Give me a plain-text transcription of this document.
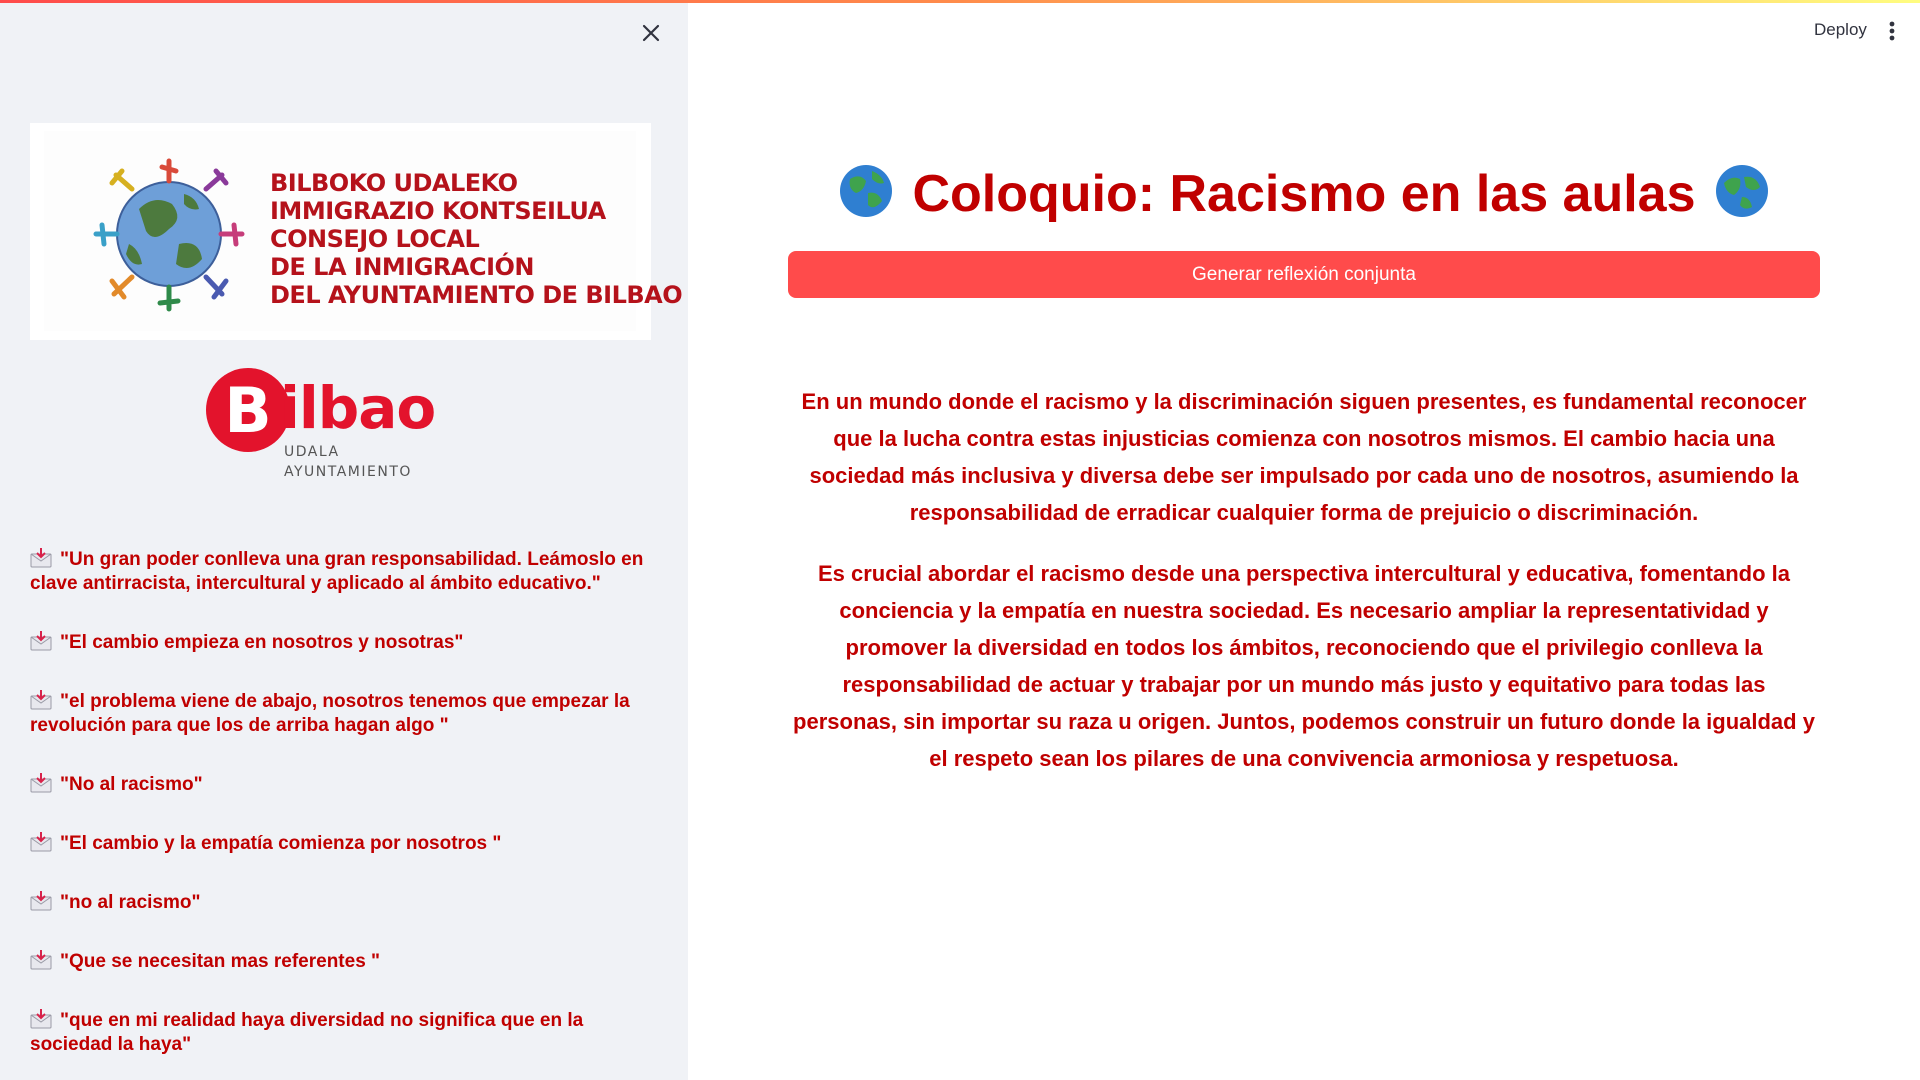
BILBOKO UDALEKO
IMMIGRAZIO KONTSEILUA
CONSEJO LOCAL
DE LA INMIGRACIÓN
DEL AYUNTAMIENTO DE BILBAO
B ilbao
UDALA
AYUNTAMIENTO
"Un gran poder conlleva una gran responsabilidad. Leámoslo en clave antirracista, intercultural y aplicado al ámbito educativo."
"El cambio empieza en nosotros y nosotras"
"el problema viene de abajo, nosotros tenemos que empezar la revolución para que los de arriba hagan algo "
"No al racismo"
"El cambio y la empatía comienza por nosotros "
"no al racismo"
"Que se necesitan mas referentes "
"que en mi realidad haya diversidad no significa que en la sociedad la haya"
Deploy
Coloquio: Racismo en las aulas
Generar reflexión conjunta

En un mundo donde el racismo y la discriminación siguen presentes, es fundamental reconocer que la lucha contra estas injusticias comienza con nosotros mismos. El cambio hacia una sociedad más inclusiva y diversa debe ser impulsado por cada uno de nosotros, asumiendo la responsabilidad de erradicar cualquier forma de prejuicio o discriminación.

Es crucial abordar el racismo desde una perspectiva intercultural y educativa, fomentando la conciencia y la empatía en nuestra sociedad. Es necesario ampliar la representatividad y promover la diversidad en todos los ámbitos, reconociendo que el privilegio conlleva la responsabilidad de actuar y trabajar por un mundo más justo y equitativo para todas las personas, sin importar su raza u origen. Juntos, podemos construir un futuro donde la igualdad y el respeto sean los pilares de una convivencia armoniosa y respetuosa.
